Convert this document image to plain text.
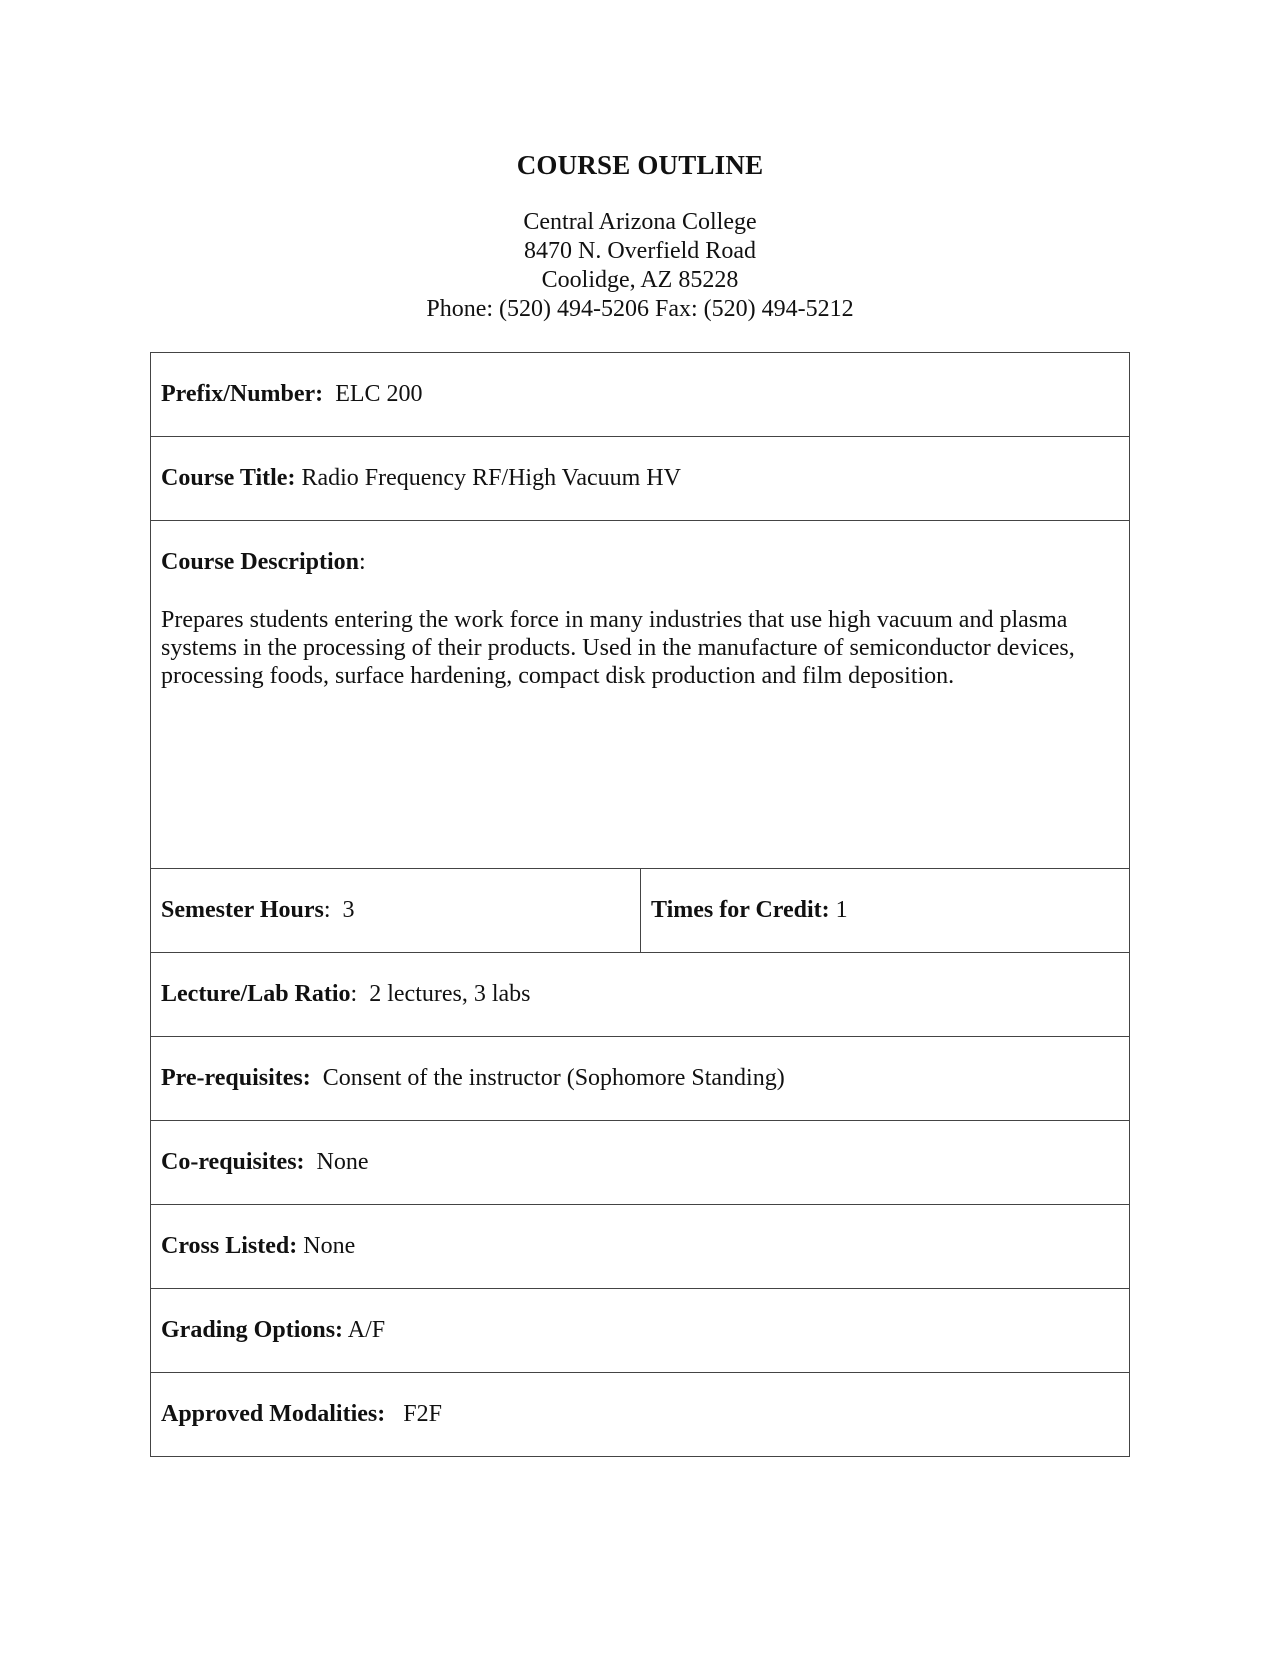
COURSE OUTLINE
Central Arizona College
8470 N. Overfield Road
Coolidge, AZ 85228
Phone: (520) 494-5206 Fax: (520) 494-5212
Prefix/Number: ELC 200
Course Title: Radio Frequency RF/High Vacuum HV

Course Description:
Prepares students entering the work force in many industries that use high vacuum and plasma systems in the processing of their products. Used in the manufacture of semiconductor devices, processing foods, surface hardening, compact disk production and film deposition.

Semester Hours: 3	Times for Credit: 1
Lecture/Lab Ratio: 2 lectures, 3 labs
Pre-requisites: Consent of the instructor (Sophomore Standing)
Co-requisites: None
Cross Listed: None
Grading Options: A/F
Approved Modalities: F2F
